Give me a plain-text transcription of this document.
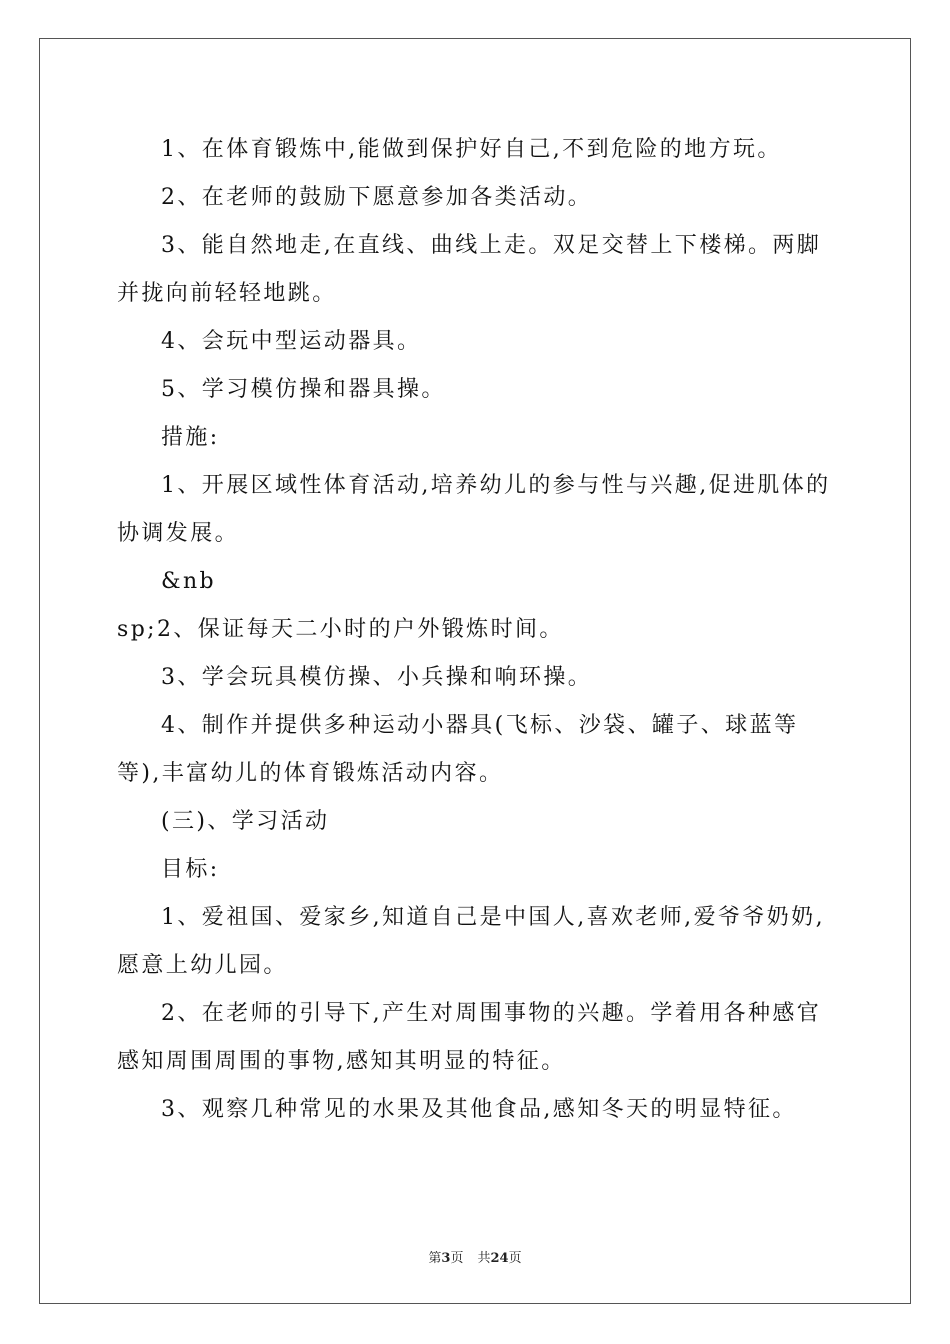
1、在体育锻炼中,能做到保护好自己,不到危险的地方玩。

2、在老师的鼓励下愿意参加各类活动。

3、能自然地走,在直线、曲线上走。双足交替上下楼梯。两脚并拢向前轻轻地跳。

4、会玩中型运动器具。

5、学习模仿操和器具操。

措施:

1、开展区域性体育活动,培养幼儿的参与性与兴趣,促进肌体的协调发展。

&nb

sp;2、保证每天二小时的户外锻炼时间。

3、学会玩具模仿操、小兵操和响环操。

4、制作并提供多种运动小器具(飞标、沙袋、罐子、球蓝等等),丰富幼儿的体育锻炼活动内容。

(三)、学习活动

目标:

1、爱祖国、爱家乡,知道自己是中国人,喜欢老师,爱爷爷奶奶,愿意上幼儿园。

2、在老师的引导下,产生对周围事物的兴趣。学着用各种感官感知周围周围的事物,感知其明显的特征。

3、观察几种常见的水果及其他食品,感知冬天的明显特征。

第3页 共24页
